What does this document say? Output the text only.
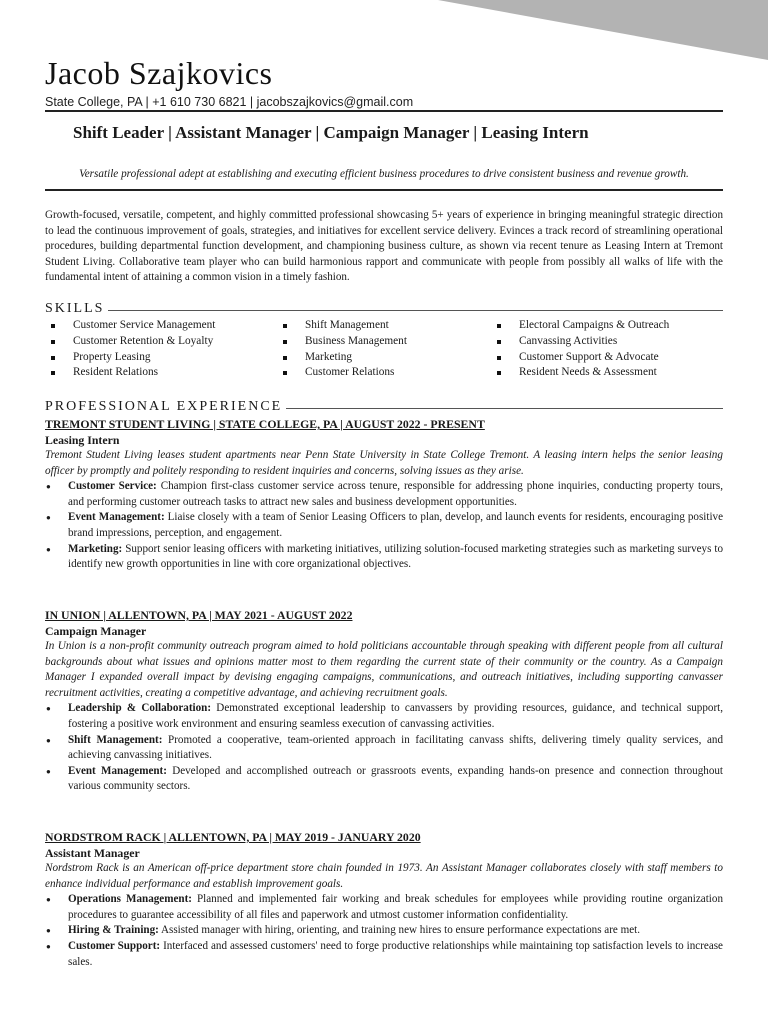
Jacob Szajkovics
State College, PA | +1 610 730 6821 | jacobszajkovics@gmail.com
Shift Leader | Assistant Manager | Campaign Manager | Leasing Intern
Versatile professional adept at establishing and executing efficient business procedures to drive consistent business and revenue growth.
Growth-focused, versatile, competent, and highly committed professional showcasing 5+ years of experience in bringing meaningful strategic direction to lead the continuous improvement of goals, strategies, and initiatives for excellent service delivery. Evinces a track record of streamlining operational procedures, building departmental function development, and championing business culture, as shown via recent tenure as Leasing Intern at Tremont Student Living. Collaborative team player who can build harmonious rapport and communicate with people from possibly all walks of life with the fundamental intent of attaining a common vision in a timely fashion.
SKILLS
Customer Service Management
Customer Retention & Loyalty
Property Leasing
Resident Relations
Shift Management
Business Management
Marketing
Customer Relations
Electoral Campaigns & Outreach
Canvassing Activities
Customer Support & Advocate
Resident Needs & Assessment
PROFESSIONAL EXPERIENCE
TREMONT STUDENT LIVING | STATE COLLEGE, PA | AUGUST 2022 - PRESENT
Leasing Intern
Tremont Student Living leases student apartments near Penn State University in State College Tremont. A leasing intern helps the senior leasing officer by promptly and politely responding to resident inquiries and concerns, solving issues as they arise.
● Customer Service: Champion first-class customer service across tenure, responsible for addressing phone inquiries, conducting property tours, and performing customer outreach tasks to attract new sales and business development opportunities.
● Event Management: Liaise closely with a team of Senior Leasing Officers to plan, develop, and launch events for residents, encouraging positive brand impressions, perception, and engagement.
● Marketing: Support senior leasing officers with marketing initiatives, utilizing solution-focused marketing strategies such as marketing surveys to identify new growth opportunities in line with core organizational objectives.
IN UNION | ALLENTOWN, PA | MAY 2021 - AUGUST 2022
Campaign Manager
In Union is a non-profit community outreach program aimed to hold politicians accountable through speaking with different people from all cultural backgrounds about what issues and opinions matter most to them regarding the current state of their community or the country. As a Campaign Manager I expanded overall impact by devising engaging campaigns, communications, and outreach initiatives, including supporting canvasser recruitment activities, creating a competitive advantage, and achieving recruitment goals.
● Leadership & Collaboration: Demonstrated exceptional leadership to canvassers by providing resources, guidance, and technical support, fostering a positive work environment and ensuring seamless execution of canvassing activities.
● Shift Management: Promoted a cooperative, team-oriented approach in facilitating canvass shifts, delivering timely quality services, and achieving canvassing initiatives.
● Event Management: Developed and accomplished outreach or grassroots events, expanding hands-on presence and connection throughout various community sectors.
NORDSTROM RACK | ALLENTOWN, PA | MAY 2019 - JANUARY 2020
Assistant Manager
Nordstrom Rack is an American off-price department store chain founded in 1973. An Assistant Manager collaborates closely with staff members to enhance individual performance and establish improvement goals.
● Operations Management: Planned and implemented fair working and break schedules for employees while providing routine organization procedures to guarantee accessibility of all files and paperwork and utmost customer information confidentiality.
● Hiring & Training: Assisted manager with hiring, orienting, and training new hires to ensure performance expectations are met.
● Customer Support: Interfaced and assessed customers' need to forge productive relationships while maintaining top satisfaction levels to increase sales.
